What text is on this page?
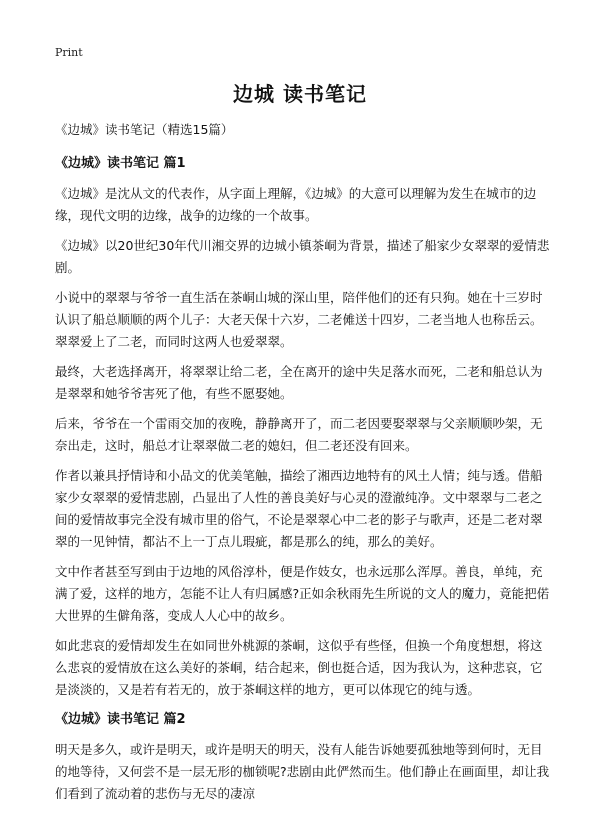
Print
边城 读书笔记

《边城》读书笔记（精选15篇）

《边城》读书笔记 篇1

《边城》是沈从文的代表作，从字面上理解，《边城》的大意可以理解为发生在城市的边缘，现代文明的边缘，战争的边缘的一个故事。

《边城》以20世纪30年代川湘交界的边城小镇茶峒为背景，描述了船家少女翠翠的爱情悲剧。

小说中的翠翠与爷爷一直生活在茶峒山城的深山里，陪伴他们的还有只狗。她在十三岁时认识了船总顺顺的两个儿子：大老天保十六岁，二老傩送十四岁，二老当地人也称岳云。翠翠爱上了二老，而同时这两人也爱翠翠。

最终，大老选择离开，将翠翠让给二老，全在离开的途中失足落水而死，二老和船总认为是翠翠和她爷爷害死了他，有些不愿娶她。

后来，爷爷在一个雷雨交加的夜晚，静静离开了，而二老因要娶翠翠与父亲顺顺吵架，无奈出走，这时，船总才让翠翠做二老的媳妇，但二老还没有回来。

作者以兼具抒情诗和小品文的优美笔触，描绘了湘西边地特有的风土人情；纯与透。借船家少女翠翠的爱情悲剧，凸显出了人性的善良美好与心灵的澄澈纯净。文中翠翠与二老之间的爱情故事完全没有城市里的俗气，不论是翠翠心中二老的影子与歌声，还是二老对翠翠的一见钟情，都沾不上一丁点儿瑕疵，都是那么的纯，那么的美好。

文中作者甚至写到由于边地的风俗淳朴，便是作妓女，也永远那么浑厚。善良，单纯，充满了爱，这样的地方，怎能不让人有归属感?正如余秋雨先生所说的文人的魔力，竟能把偌大世界的生僻角落，变成人人心中的故乡。

如此悲哀的爱情却发生在如同世外桃源的茶峒，这似乎有些怪，但换一个角度想想，将这么悲哀的爱情放在这么美好的茶峒，结合起来，倒也挺合适，因为我认为，这种悲哀，它是淡淡的，又是若有若无的，放于茶峒这样的地方，更可以体现它的纯与透。

《边城》读书笔记 篇2

明天是多久，或许是明天，或许是明天的明天，没有人能告诉她要孤独地等到何时，无目的地等待，又何尝不是一层无形的枷锁呢?悲剧由此俨然而生。他们静止在画面里，却让我们看到了流动着的悲伤与无尽的凄凉
